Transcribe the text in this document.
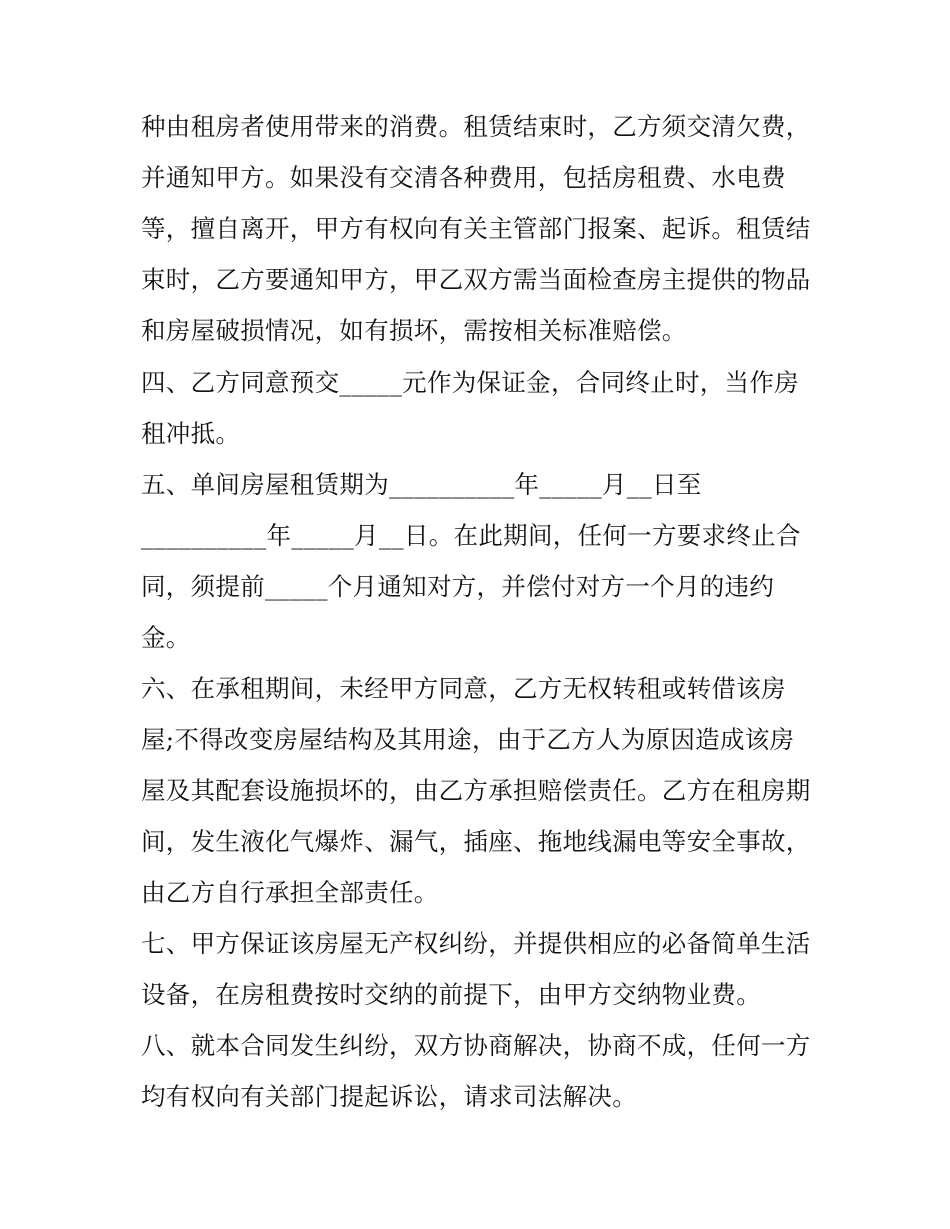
种由租房者使用带来的消费。租赁结束时，乙方须交清欠费，
并通知甲方。如果没有交清各种费用，包括房租费、水电费
等，擅自离开，甲方有权向有关主管部门报案、起诉。租赁结
束时，乙方要通知甲方，甲乙双方需当面检查房主提供的物品
和房屋破损情况，如有损坏，需按相关标准赔偿。
四、乙方同意预交_____元作为保证金，合同终止时，当作房
租冲抵。
五、单间房屋租赁期为__________年_____月__日至
__________年_____月__日。在此期间，任何一方要求终止合
同，须提前_____个月通知对方，并偿付对方一个月的违约
金。
六、在承租期间，未经甲方同意，乙方无权转租或转借该房
屋;不得改变房屋结构及其用途，由于乙方人为原因造成该房
屋及其配套设施损坏的，由乙方承担赔偿责任。乙方在租房期
间，发生液化气爆炸、漏气，插座、拖地线漏电等安全事故，
由乙方自行承担全部责任。
七、甲方保证该房屋无产权纠纷，并提供相应的必备简单生活
设备，在房租费按时交纳的前提下，由甲方交纳物业费。
八、就本合同发生纠纷，双方协商解决，协商不成，任何一方
均有权向有关部门提起诉讼，请求司法解决。
